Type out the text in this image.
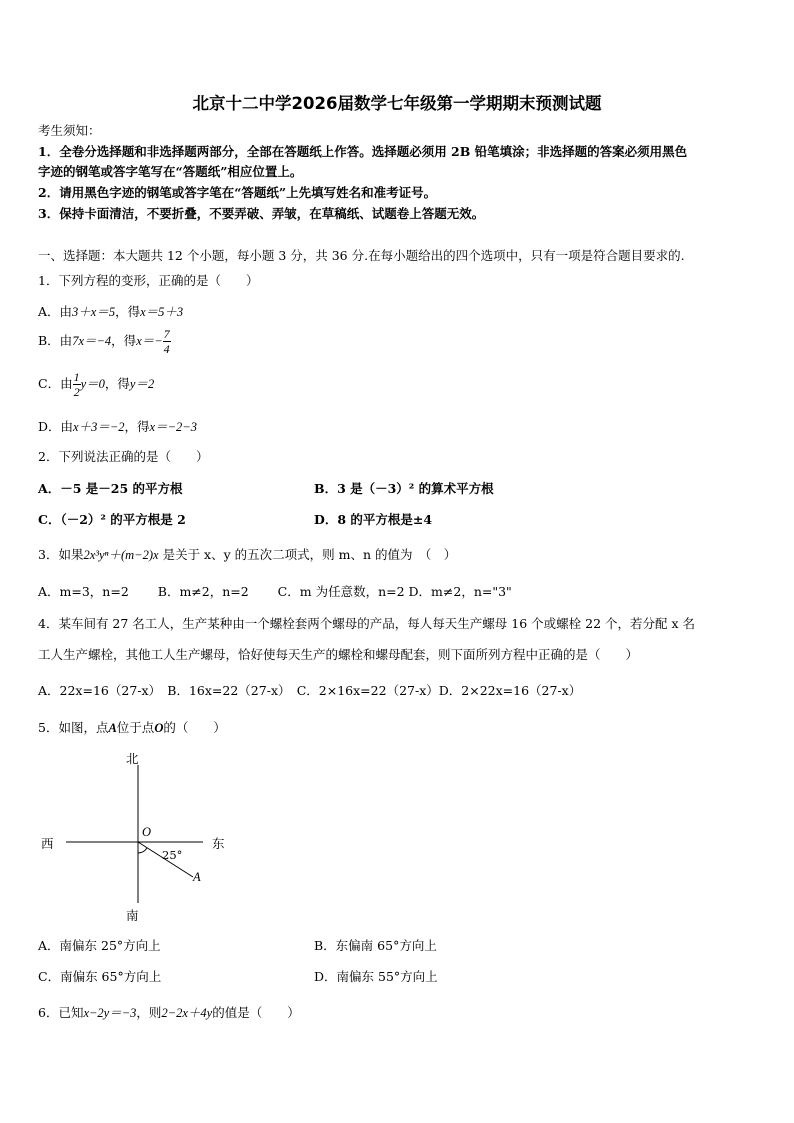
北京十二中学2026届数学七年级第一学期期末预测试题
考生须知：
1．全卷分选择题和非选择题两部分，全部在答题纸上作答。选择题必须用 2B 铅笔填涂；非选择题的答案必须用黑色
字迹的钢笔或答字笔写在“答题纸”相应位置上。
2．请用黑色字迹的钢笔或答字笔在“答题纸”上先填写姓名和准考证号。
3．保持卡面清洁，不要折叠，不要弄破、弄皱，在草稿纸、试题卷上答题无效。
一、选择题：本大题共 12 个小题，每小题 3 分，共 36 分.在每小题给出的四个选项中，只有一项是符合题目要求的.
1．下列方程的变形，正确的是（　　）
A．由3＋x＝5，得x＝5＋3
B．由7x＝−4，得$x=- \frac{7}{4}$
C．由 $\frac{1}{2} y=0$，得y＝2
D．由x＋3＝−2，得x＝−2−3
2．下列说法正确的是（　　）
A．－5 是－25 的平方根	B．3 是（－3）² 的算术平方根
C．（－2）² 的平方根是 2	D．8 的平方根是±4
3．如果2x³yⁿ＋(m−2)x 是关于 x、y 的五次二项式，则 m、n 的值为　（　）
A．m=3，n=2　　 B．m≠2，n=2　　 C．m 为任意数，n=2 D．m≠2，n="3"
4．某车间有 27 名工人，生产某种由一个螺栓套两个螺母的产品，每人每天生产螺母 16 个或螺栓 22 个，若分配 x 名
工人生产螺栓，其他工人生产螺母，恰好使每天生产的螺栓和螺母配套，则下面所列方程中正确的是（　　）
A．22x=16（27-x）　B．16x=22（27-x）　C．2×16x=22（27-x）D．2×22x=16（27-x）
5．如图，点A位于点O的（　　）
北
南
西	东
O
A
25°
A．南偏东 25°方向上	B．东偏南 65°方向上
C．南偏东 65°方向上	D．南偏东 55°方向上
6．已知x−2y＝−3，则2−2x＋4y的值是（　　）
